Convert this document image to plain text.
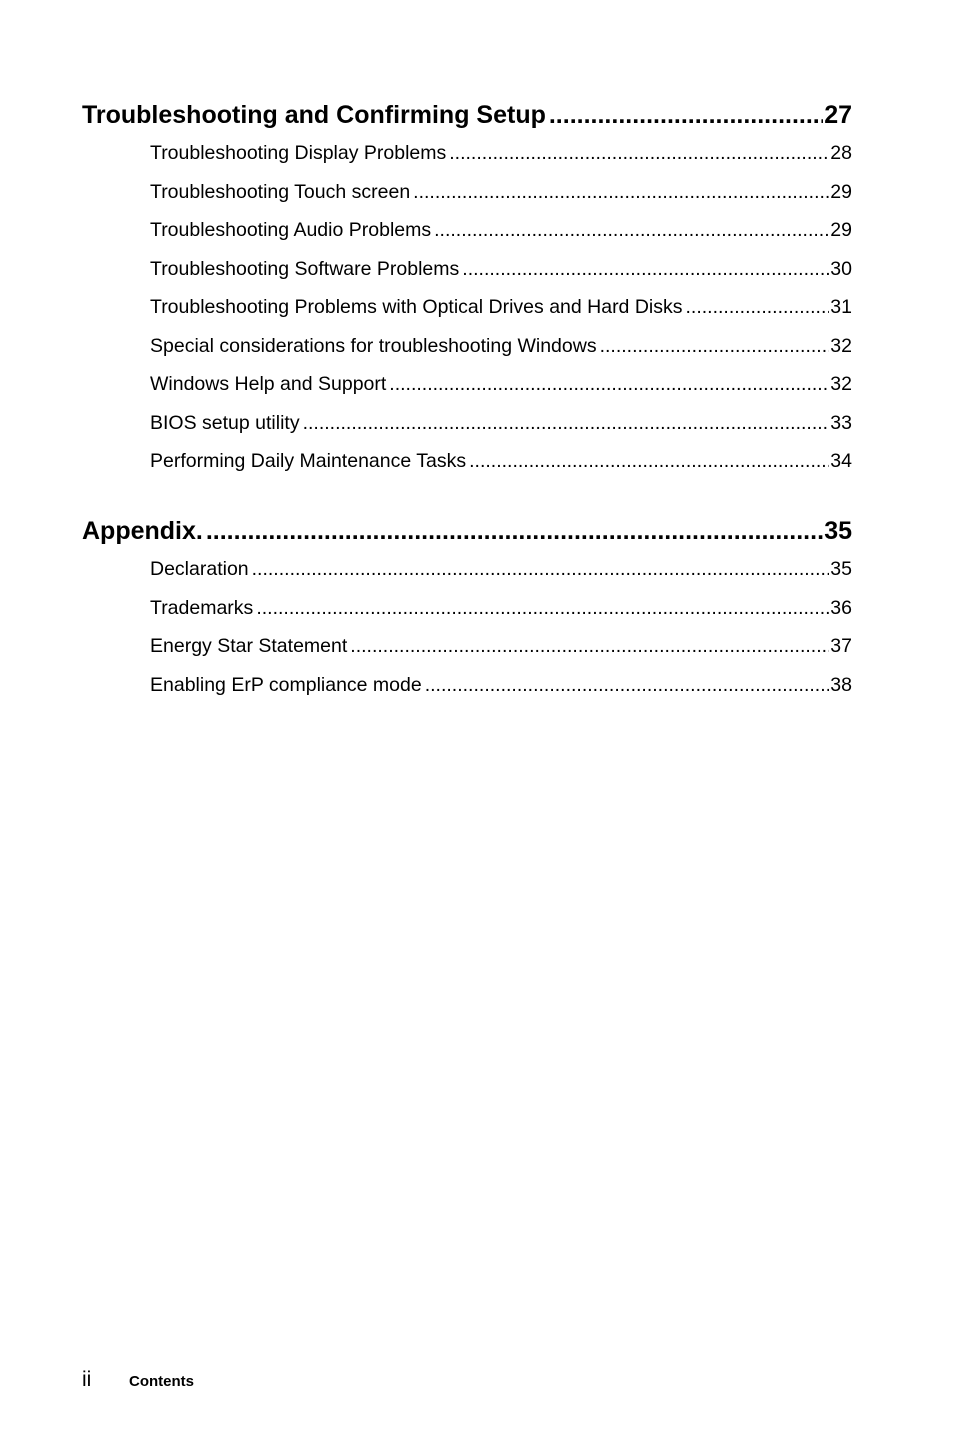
Troubleshooting and Confirming Setup .....	27
Troubleshooting Display Problems .....	28
Troubleshooting Touch screen .....	29
Troubleshooting Audio Problems .....	29
Troubleshooting Software Problems .....	30
Troubleshooting Problems with Optical Drives and Hard Disks .....	31
Special considerations for troubleshooting Windows .....	32
Windows Help and Support .....	32
BIOS setup utility .....	33
Performing Daily Maintenance Tasks .....	34
Appendix. .....	35
Declaration .....	35
Trademarks .....	36
Energy Star Statement .....	37
Enabling ErP compliance mode .....	38
ii	Contents
